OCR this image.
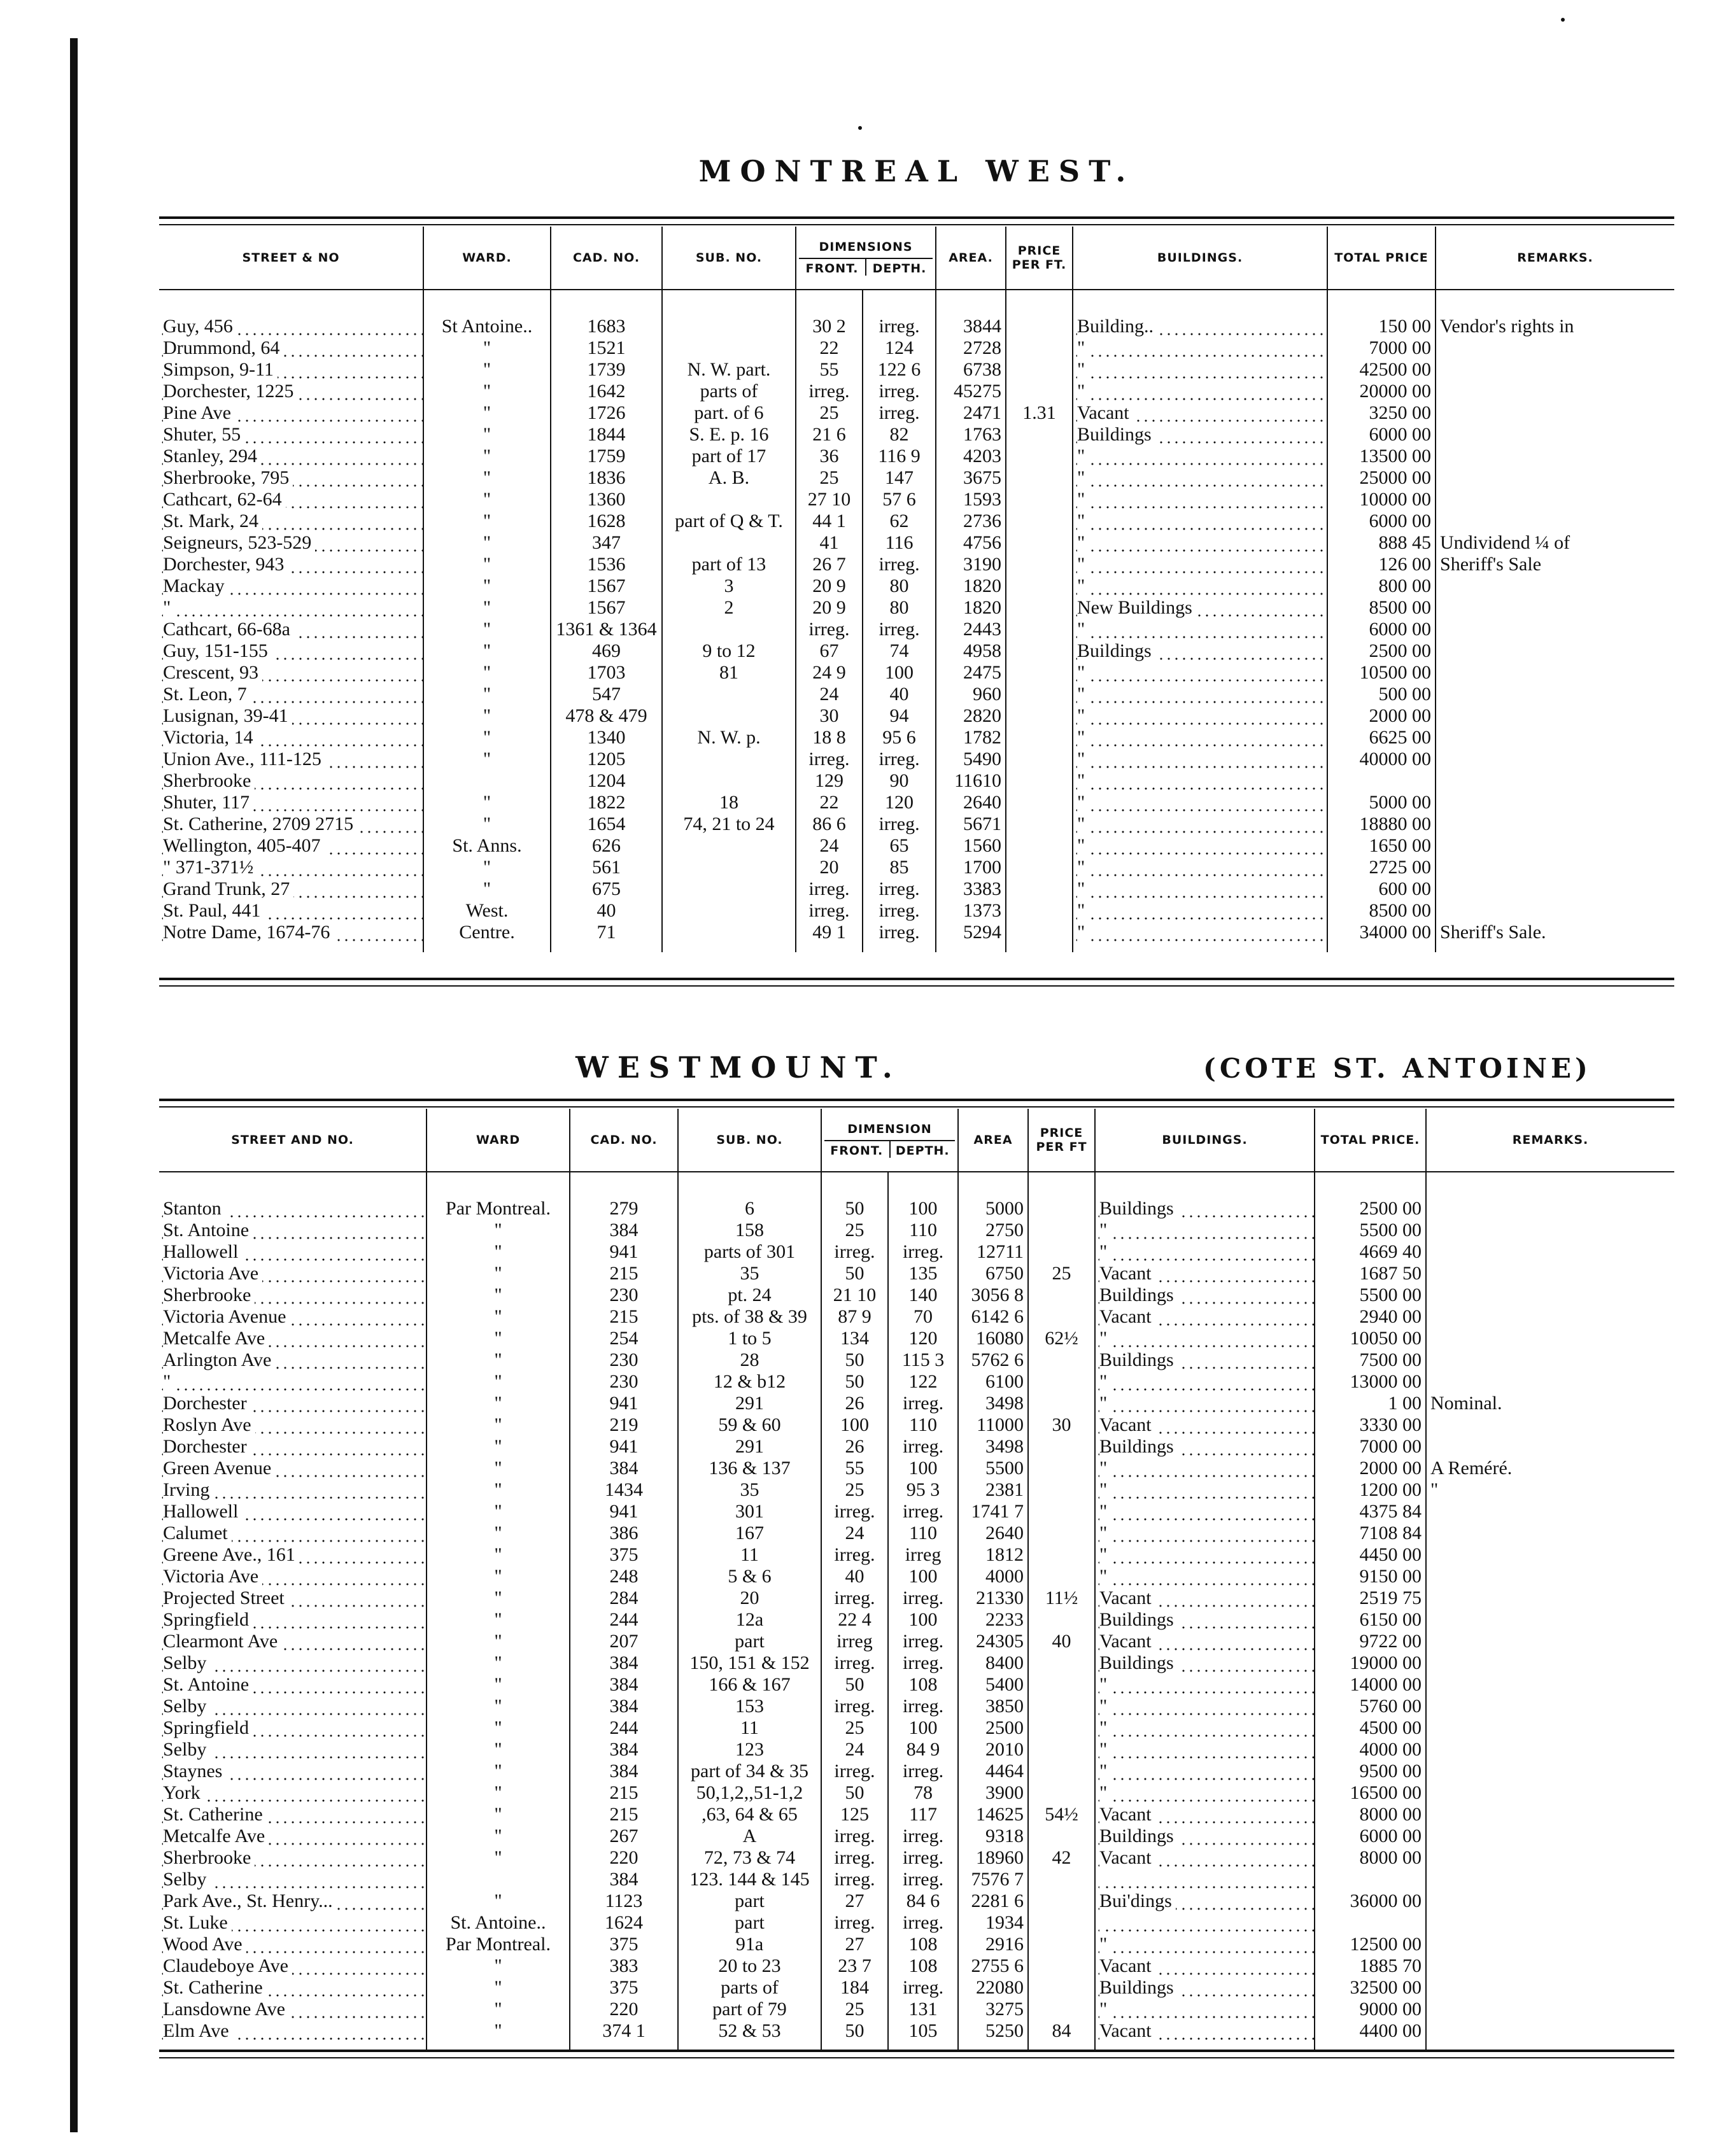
MONTREAL WEST.
STREET & NO	WARD.	CAD. NO.	SUB. NO.	DIMENSIONS
FRONT. DEPTH.		AREA.	PRICE PER FT.	BUILDINGS.	TOTAL PRICE	REMARKS.

Guy, 456	St Antoine..	1683		30 2	irreg.	3844		Building..	150 00	Vendor's rights in
Drummond, 64	"	1521		22	124	2728		"	7000 00	
Simpson, 9-11	"	1739	N. W. part.	55	122 6	6738		"	42500 00	
Dorchester, 1225	"	1642	parts of	irreg.	irreg.	45275		"	20000 00	
Pine Ave	"	1726	part. of 6	25	irreg.	2471	1.31	Vacant	3250 00	
Shuter, 55	"	1844	S. E. p. 16	21 6	82	1763		Buildings	6000 00	
Stanley, 294	"	1759	part of 17	36	116 9	4203		"	13500 00	
Sherbrooke, 795	"	1836	A. B.	25	147	3675		"	25000 00	
Cathcart, 62-64	"	1360		27 10	57 6	1593		"	10000 00	
St. Mark, 24	"	1628	part of Q & T.	44 1	62	2736		"	6000 00	
Seigneurs, 523-529	"	347		41	116	4756		"	888 45	Undividend ¼ of
Dorchester, 943	"	1536	part of 13	26 7	irreg.	3190		"	126 00	Sheriff's Sale
Mackay	"	1567	3	20 9	80	1820		"	800 00	
"	"	1567	2	20 9	80	1820		New Buildings	8500 00	
Cathcart, 66-68a	"	1361 & 1364		irreg.	irreg.	2443		"	6000 00	
Guy, 151-155	"	469	9 to 12	67	74	4958		Buildings	2500 00	
Crescent, 93	"	1703	81	24 9	100	2475		"	10500 00	
St. Leon, 7	"	547		24	40	960		"	500 00	
Lusignan, 39-41	"	478 & 479		30	94	2820		"	2000 00	
Victoria, 14	"	1340	N. W. p.	18 8	95 6	1782		"	6625 00	
Union Ave., 111-125	"	1205		irreg.	irreg.	5490		"	40000 00	
Sherbrooke		1204		129	90	11610		"		
Shuter, 117	"	1822	18	22	120	2640		"	5000 00	
St. Catherine, 2709 2715	"	1654	74, 21 to 24	86 6	irreg.	5671		"	18880 00	
Wellington, 405-407	St. Anns.	626		24	65	1560		"	1650 00	
" 371-371½	"	561		20	85	1700		"	2725 00	
Grand Trunk, 27	"	675		irreg.	irreg.	3383		"	600 00	
St. Paul, 441	West.	40		irreg.	irreg.	1373		"	8500 00	
Notre Dame, 1674-76	Centre.	71		49 1	irreg.	5294		"	34000 00	Sheriff's Sale.

WESTMOUNT.	(COTE ST. ANTOINE)
STREET AND NO.	WARD	CAD. NO.	SUB. NO.	DIMENSION
FRONT. DEPTH.		AREA	PRICE PER FT	BUILDINGS.	TOTAL PRICE.	REMARKS.

Stanton	Par Montreal.	279	6	50	100	5000		Buildings	2500 00	
St. Antoine	"	384	158	25	110	2750		"	5500 00	
Hallowell	"	941	parts of 301	irreg.	irreg.	12711		"	4669 40	
Victoria Ave	"	215	35	50	135	6750	25	Vacant	1687 50	
Sherbrooke	"	230	pt. 24	21 10	140	3056 8		Buildings	5500 00	
Victoria Avenue	"	215	pts. of 38 & 39	87 9	70	6142 6		Vacant	2940 00	
Metcalfe Ave	"	254	1 to 5	134	120	16080	62½	"	10050 00	
Arlington Ave	"	230	28	50	115 3	5762 6		Buildings	7500 00	
"	"	230	12 & b12	50	122	6100		"	13000 00	
Dorchester	"	941	291	26	irreg.	3498		"	1 00	Nominal.
Roslyn Ave	"	219	59 & 60	100	110	11000	30	Vacant	3330 00	
Dorchester	"	941	291	26	irreg.	3498		Buildings	7000 00	
Green Avenue	"	384	136 & 137	55	100	5500		"	2000 00	A Reméré.
Irving	"	1434	35	25	95 3	2381		"	1200 00	"
Hallowell	"	941	301	irreg.	irreg.	1741 7		"	4375 84	
Calumet	"	386	167	24	110	2640		"	7108 84	
Greene Ave., 161	"	375	11	irreg.	irreg	1812		"	4450 00	
Victoria Ave	"	248	5 & 6	40	100	4000		"	9150 00	
Projected Street	"	284	20	irreg.	irreg.	21330	11½	Vacant	2519 75	
Springfield	"	244	12a	22 4	100	2233		Buildings	6150 00	
Clearmont Ave	"	207	part	irreg	irreg.	24305	40	Vacant	9722 00	
Selby	"	384	150, 151 & 152	irreg.	irreg.	8400		Buildings	19000 00	
St. Antoine	"	384	166 & 167	50	108	5400		"	14000 00	
Selby	"	384	153	irreg.	irreg.	3850		"	5760 00	
Springfield	"	244	11	25	100	2500		"	4500 00	
Selby	"	384	123	24	84 9	2010		"	4000 00	
Staynes	"	384	part of 34 & 35	irreg.	irreg.	4464		"	9500 00	
York	"	215	50,1,2,,51-1,2	50	78	3900		"	16500 00	
St. Catherine	"	215	,63, 64 & 65	125	117	14625	54½	Vacant	8000 00	
Metcalfe Ave	"	267	A	irreg.	irreg.	9318		Buildings	6000 00	
Sherbrooke	"	220	72, 73 & 74	irreg.	irreg.	18960	42	Vacant	8000 00	
Selby		384	123. 144 & 145	irreg.	irreg.	7576 7				
Park Ave., St. Henry...	"	1123	part	27	84 6	2281 6		Bui'dings	36000 00	
St. Luke	St. Antoine..	1624	part	irreg.	irreg.	1934				
Wood Ave	Par Montreal.	375	91a	27	108	2916		"	12500 00	
Claudeboye Ave	"	383	20 to 23	23 7	108	2755 6		Vacant	1885 70	
St. Catherine	"	375	parts of	184	irreg.	22080		Buildings	32500 00	
Lansdowne Ave	"	220	part of 79	25	131	3275		"	9000 00	
Elm Ave	"	374 1	52 & 53	50	105	5250	84	Vacant	4400 00	
